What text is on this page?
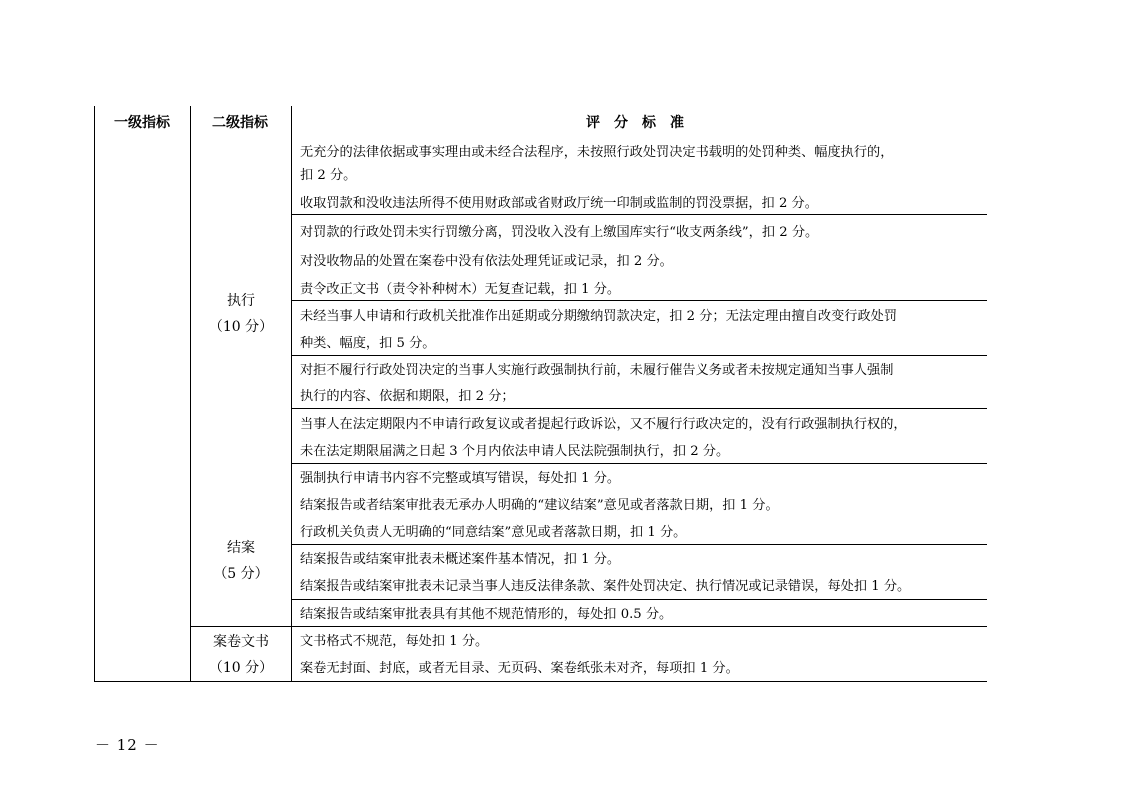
一级指标	二级指标	评　分　标　准
执行
（10 分）
结案
（5 分）
案卷文书
（10 分）
无充分的法律依据或事实理由或未经合法程序，未按照行政处罚决定书载明的处罚种类、幅度执行的，
扣 2 分。
收取罚款和没收违法所得不使用财政部或省财政厅统一印制或监制的罚没票据，扣 2 分。
对罚款的行政处罚未实行罚缴分离，罚没收入没有上缴国库实行“收支两条线”，扣 2 分。
对没收物品的处置在案卷中没有依法处理凭证或记录，扣 2 分。
责令改正文书（责令补种树木）无复查记载，扣 1 分。
未经当事人申请和行政机关批准作出延期或分期缴纳罚款决定，扣 2 分；无法定理由擅自改变行政处罚
种类、幅度，扣 5 分。
对拒不履行行政处罚决定的当事人实施行政强制执行前，未履行催告义务或者未按规定通知当事人强制
执行的内容、依据和期限，扣 2 分；
当事人在法定期限内不申请行政复议或者提起行政诉讼，又不履行行政决定的，没有行政强制执行权的，
未在法定期限届满之日起 3 个月内依法申请人民法院强制执行，扣 2 分。
强制执行申请书内容不完整或填写错误，每处扣 1 分。
结案报告或者结案审批表无承办人明确的“建议结案”意见或者落款日期，扣 1 分。
行政机关负责人无明确的“同意结案”意见或者落款日期，扣 1 分。
结案报告或结案审批表未概述案件基本情况，扣 1 分。
结案报告或结案审批表未记录当事人违反法律条款、案件处罚决定、执行情况或记录错误，每处扣 1 分。
结案报告或结案审批表具有其他不规范情形的，每处扣 0.5 分。
文书格式不规范，每处扣 1 分。
案卷无封面、封底，或者无目录、无页码、案卷纸张未对齐，每项扣 1 分。
－ 12 －
